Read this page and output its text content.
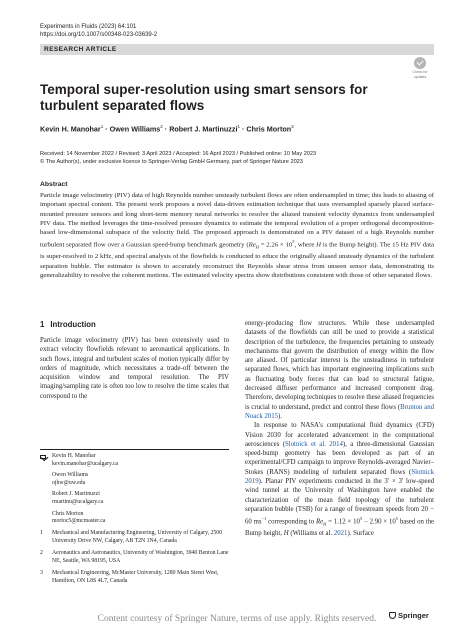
Experiments in Fluids (2023) 64:101
https://doi.org/10.1007/s00348-023-03639-2
RESEARCH ARTICLE
Check for
updates
Temporal super-resolution using smart sensors for turbulent separated flows
Kevin H. Manohar$^1$ · Owen Williams$^2$ · Robert J. Martinuzzi$^1$ · Chris Morton$^3$
Received: 14 November 2022 / Revised: 3 April 2023 / Accepted: 16 April 2023 / Published online: 10 May 2023
© The Author(s), under exclusive licence to Springer-Verlag GmbH Germany, part of Springer Nature 2023
Abstract

Particle image velocimetry (PIV) data of high Reynolds number unsteady turbulent flows are often undersampled in time; this leads to aliasing of important spectral content. The present work proposes a novel data-driven estimation technique that uses oversampled sparsely placed surface-mounted pressure sensors and long short-term memory neural networks to resolve the aliased transient velocity dynamics from undersampled PIV data. The method leverages the time-resolved pressure dynamics to estimate the temporal evolution of a proper orthogonal decomposition-based low-dimensional subspace of the velocity field. The proposed approach is demonstrated on a PIV dataset of a high Reynolds number turbulent separated flow over a Gaussian speed-bump benchmark geometry ($Re_H = 2.26 \times 10^5$, where H is the Bump height). The 15 Hz PIV data is super-resolved to 2 kHz, and spectral analysis of the flowfields is conducted to educe the originally aliased unsteady dynamics of the turbulent separation bubble. The estimator is shown to accurately reconstruct the Reynolds shear stress from unseen sensor data, demonstrating its generalizability to resolve the coherent motions. The estimated velocity spectra show distributions consistent with those of other separated flows.

1 Introduction

Particle image velocimetry (PIV) has been extensively used to extract velocity flowfields relevant to aeronautical applications. In such flows, integral and turbulent scales of motion typically differ by orders of magnitude, which necessitates a trade-off between the acquisition window and temporal resolution. The PIV imaging/sampling rate is often too low to resolve the time scales that correspond to the

energy-producing flow structures. While these undersampled datasets of the flowfields can still be used to provide a statistical description of the turbulence, the frequencies pertaining to unsteady mechanisms that govern the distribution of energy within the flow are aliased. Of particular interest is the unsteadiness in turbulent separated flows, which has important engineering implications such as fluctuating body forces that can lead to structural fatigue, decreased diffuser performance and increased component drag. Therefore, developing techniques to resolve these aliased frequencies is crucial to understand, predict and control these flows (Brunton and Noack 2015).

In response to NASA's computational fluid dynamics (CFD) Vision 2030 for accelerated advancement in the computational aerosciences (Slotnick et al. 2014), a three-dimensional Gaussian speed-bump geometry has been developed as part of an experimental/CFD campaign to improve Reynolds-averaged Navier–Stokes (RANS) modeling of turbulent separated flows (Slotnick 2019). Planar PIV experiments conducted in the 3′ × 3′ low-speed wind tunnel at the University of Washington have enabled the characterization of the mean field topology of the turbulent separation bubble (TSB) for a range of freestream speeds from 20 − 60 $ms^{-1}$ corresponding to $Re_H = 1.12 \times 10^5 - 2.90 \times 10^5$ based on the Bump height, H (Williams et al. 2021). Surface

Kevin H. Manohar
kevin.manohar@ucalgary.ca
Owen Williams
ojhw@uw.edu
Robert J. Martinuzzi
rmartinu@ucalgary.ca
Chris Morton
mortoc5@mcmaster.ca
1 Mechanical and Manufacturing Engineering, University of Calgary, 2500 University Drive NW, Calgary, AB T2N 1N4, Canada
2 Aeronautics and Astronautics, University of Washington, 3940 Benton Lane NE, Seattle, WA 98195, USA
3 Mechanical Engineering, McMaster University, 1280 Main Street West, Hamilton, ON L8S 4L7, Canada
Springer
Content courtesy of Springer Nature, terms of use apply. Rights reserved.
